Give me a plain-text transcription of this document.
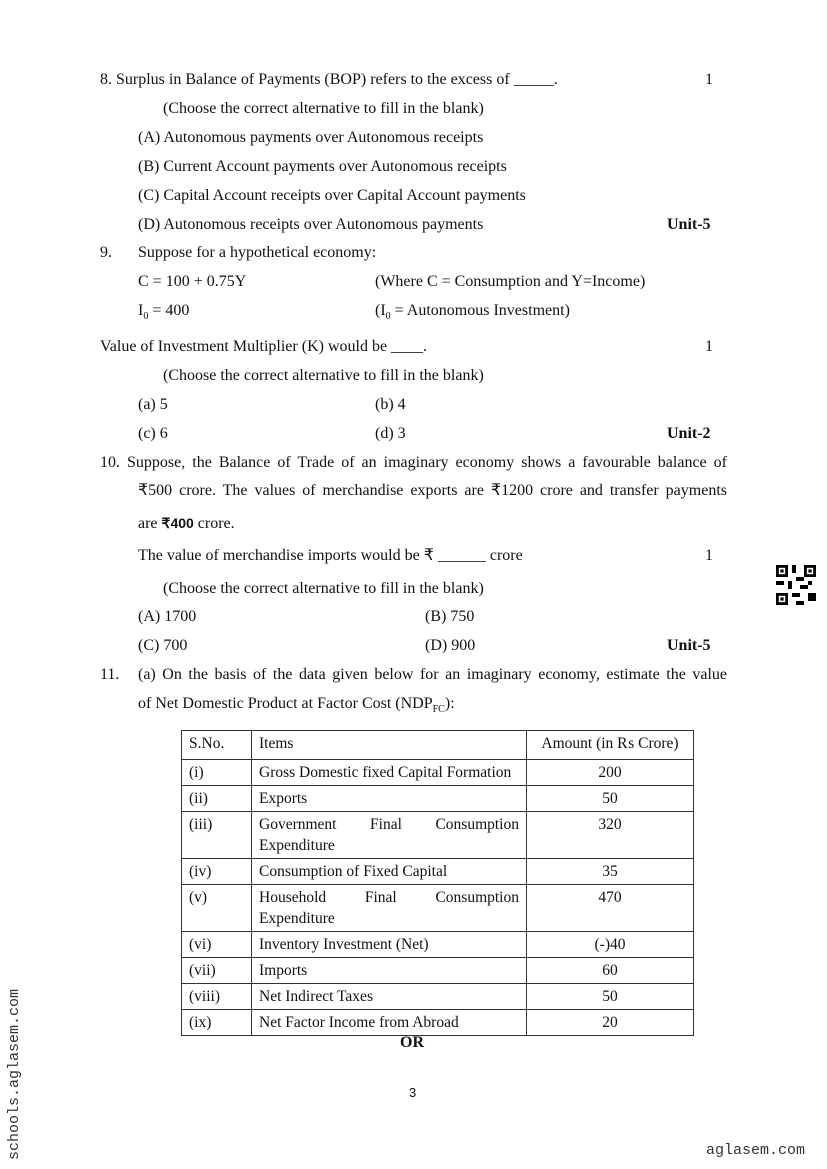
8. Surplus in Balance of Payments (BOP) refers to the excess of _____.	1
(Choose the correct alternative to fill in the blank)
(A) Autonomous payments over Autonomous receipts
(B) Current Account payments over Autonomous receipts
(C) Capital Account receipts over Capital Account payments
(D) Autonomous receipts over Autonomous payments	Unit-5
9. Suppose for a hypothetical economy:
C = 100 + 0.75Y	(Where C = Consumption and Y=Income)
$I_0 = 400$	($I_0$ = Autonomous Investment)
Value of Investment Multiplier (K) would be ____.	1
(Choose the correct alternative to fill in the blank)
(a) 5	(b) 4
(c) 6	(d) 3	Unit-2
10. Suppose, the Balance of Trade of an imaginary economy shows a favourable balance of
₹500 crore. The values of merchandise exports are ₹1200 crore and transfer payments
are ₹400 crore.
The value of merchandise imports would be ₹ ______ crore	1
(Choose the correct alternative to fill in the blank)
(A) 1700	(B) 750
(C) 700	(D) 900	Unit-5
11. (a) On the basis of the data given below for an imaginary economy, estimate the value
of Net Domestic Product at Factor Cost $(NDP_{FC})$:
S.No.	Items	Amount (in ₨ Crore)
(i)	Gross Domestic fixed Capital Formation	200
(ii)	Exports	50
(iii)	Government Final Consumption Expenditure	320
(iv)	Consumption of Fixed Capital	35
(v)	Household Final Consumption Expenditure	470
(vi)	Inventory Investment (Net)	(-)40
(vii)	Imports	60
(viii)	Net Indirect Taxes	50
(ix)	Net Factor Income from Abroad	20
OR
3
schools.aglasem.com	aglasem.com
